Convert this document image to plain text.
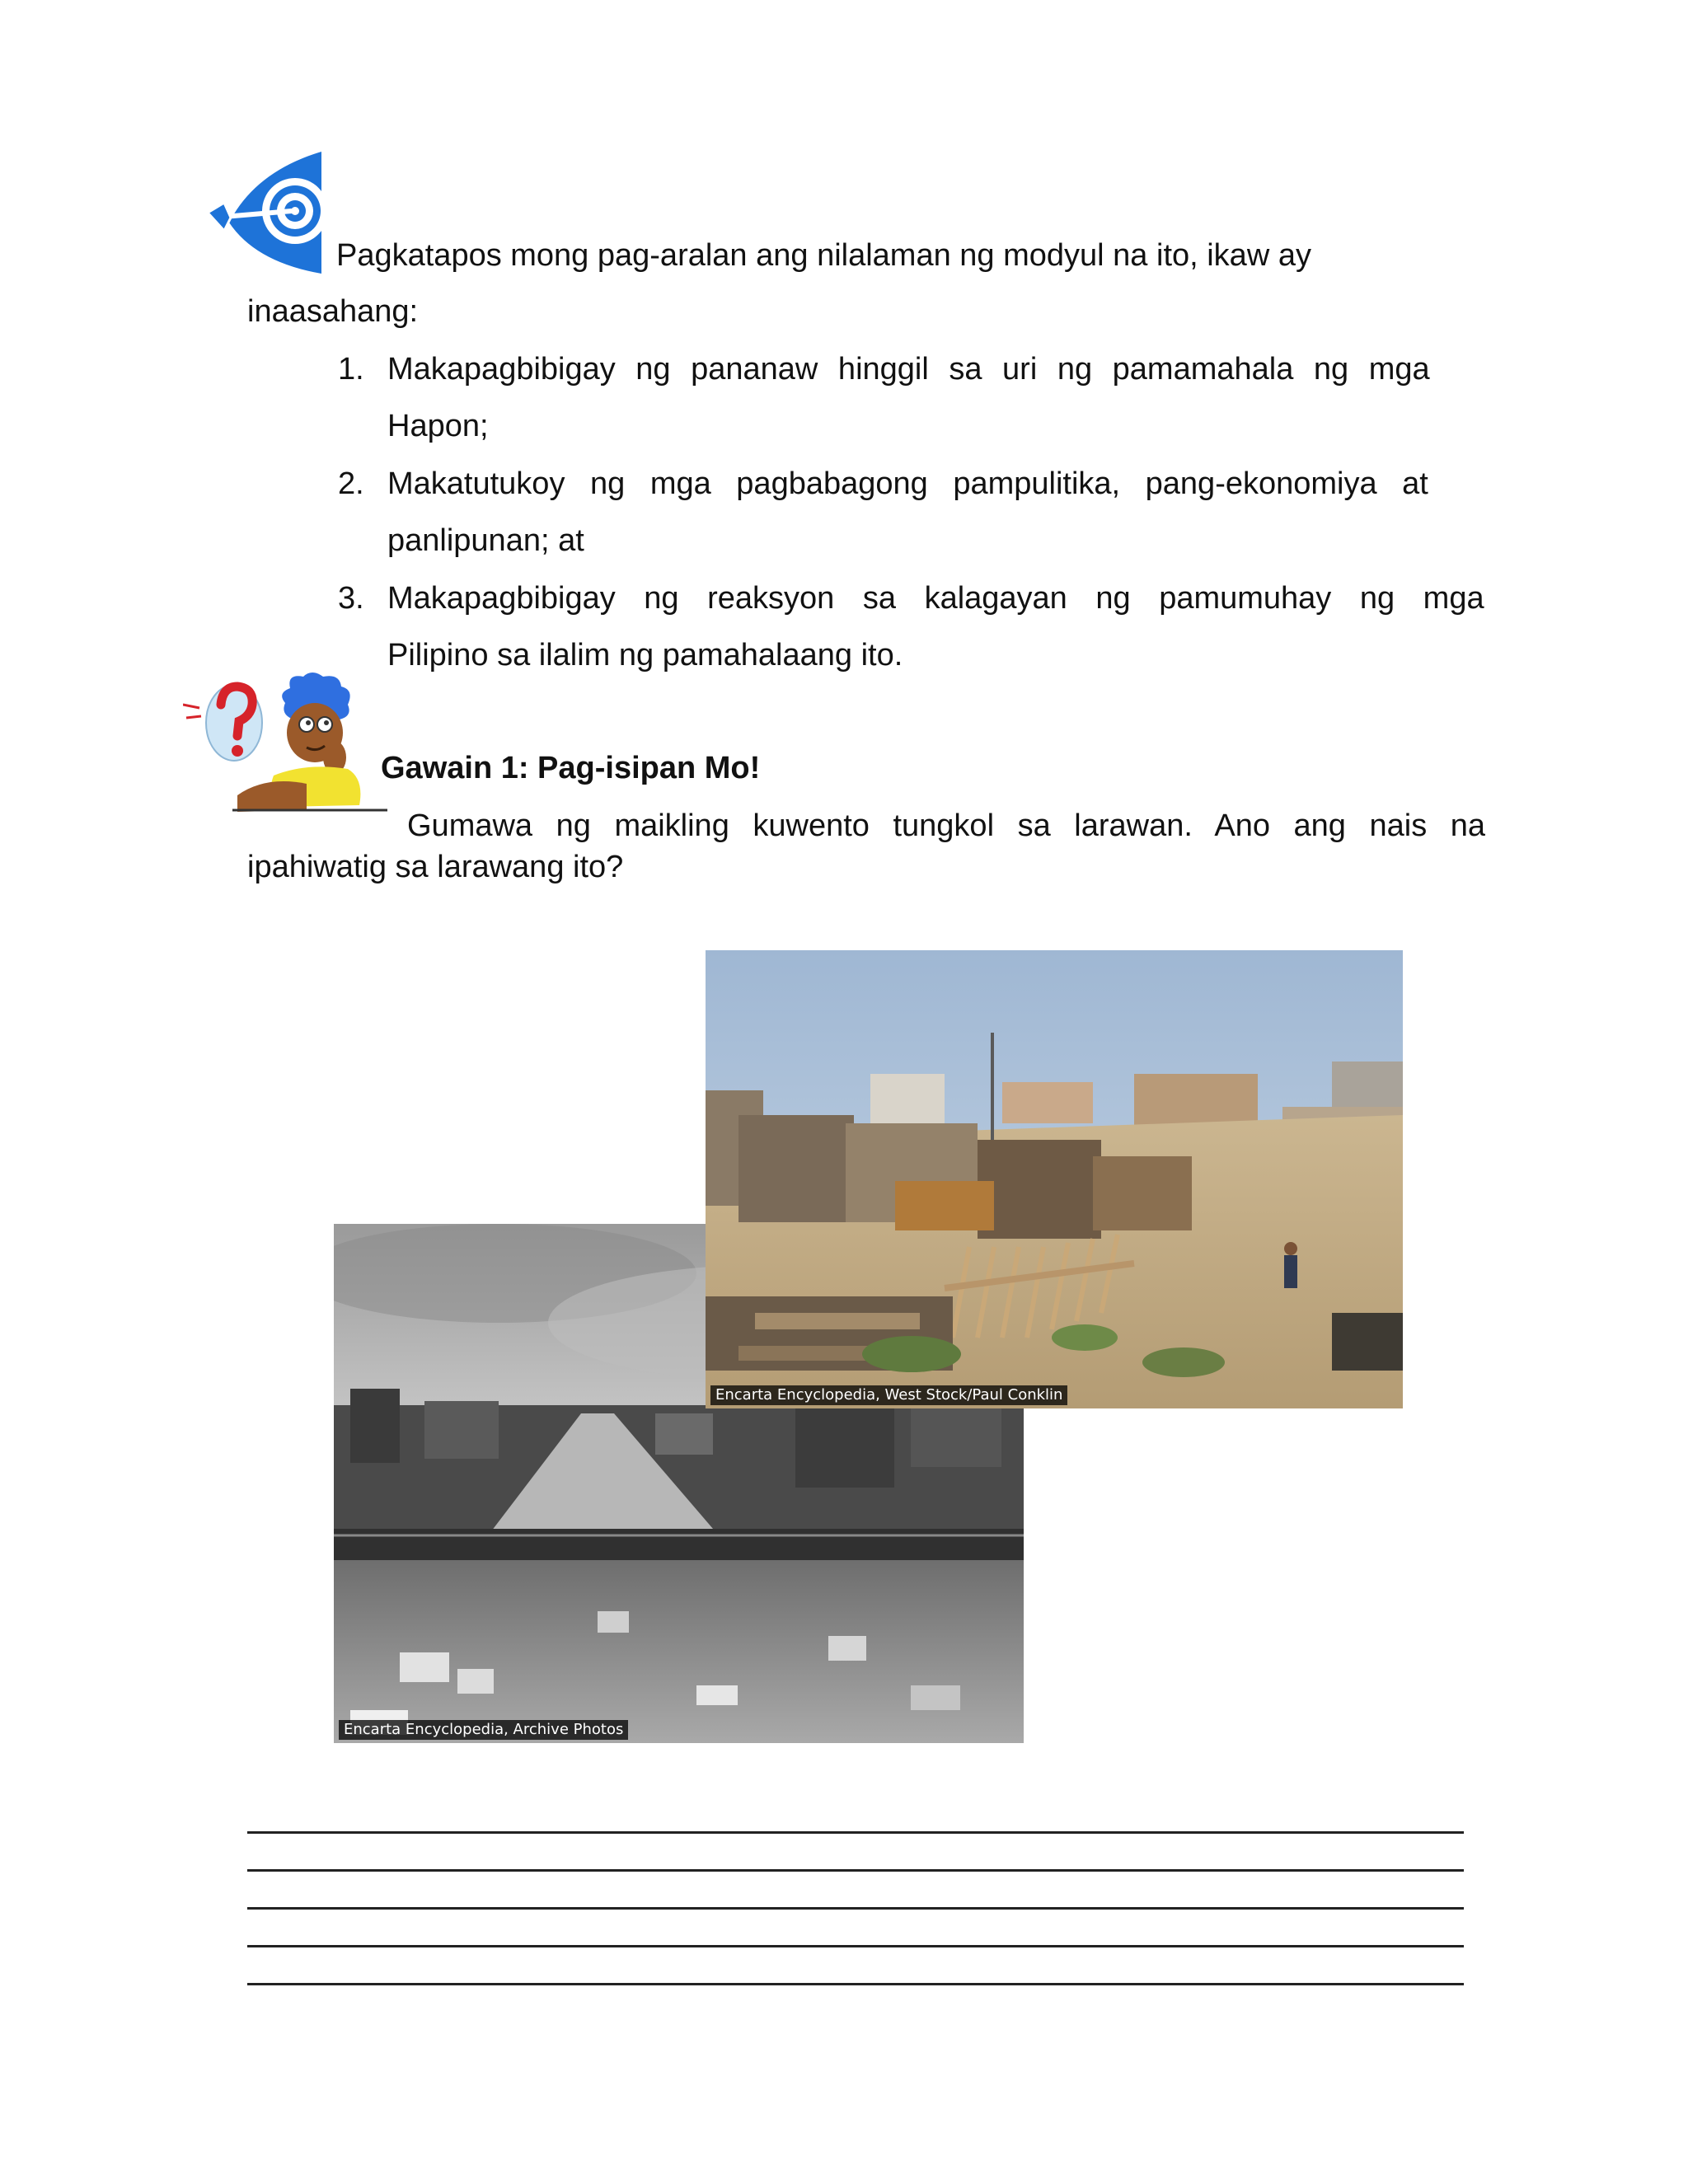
Pagkatapos mong pag-aralan ang nilalaman ng modyul na ito, ikaw ay
inaasahang:
1. Makapagbibigay ng pananaw hinggil sa uri ng pamamahala ng mga
Hapon;
2. Makatutukoy ng mga pagbabagong pampulitika, pang-ekonomiya at
panlipunan; at
3. Makapagbibigay ng reaksyon sa kalagayan ng pamumuhay ng mga
Pilipino sa ilalim ng pamahalaang ito.
Gawain 1: Pag-isipan Mo!
Gumawa ng maikling kuwento tungkol sa larawan. Ano ang nais na
ipahiwatig sa larawang ito?
Encarta Encyclopedia, Archive Photos
Encarta Encyclopedia, West Stock/Paul Conklin
